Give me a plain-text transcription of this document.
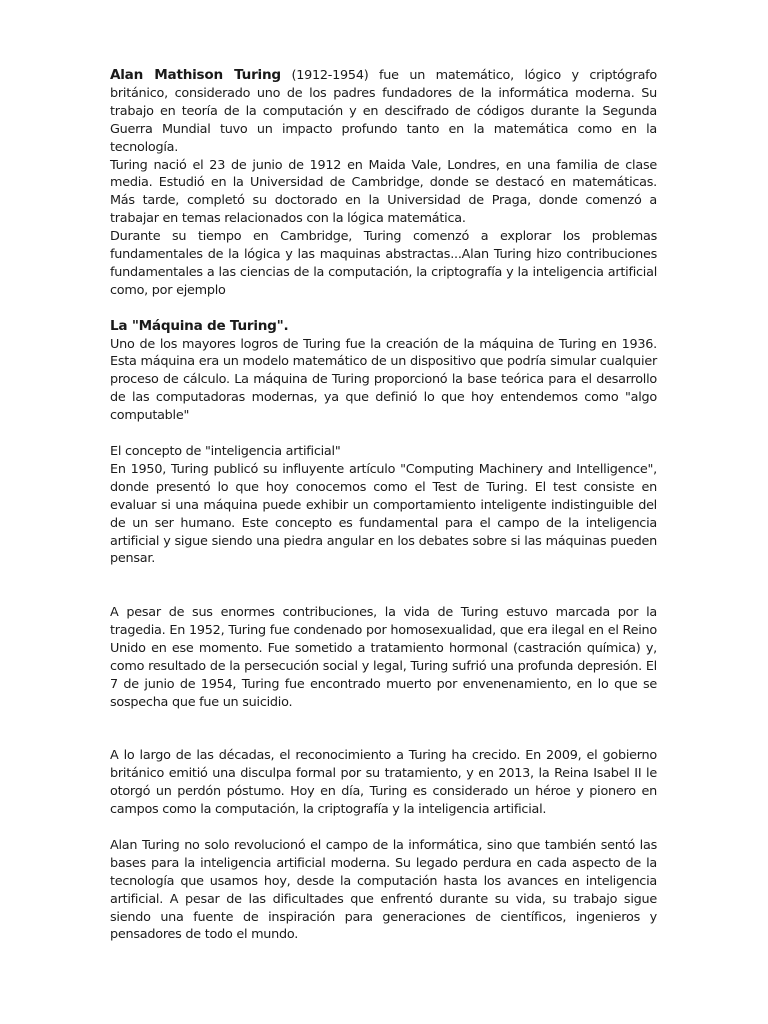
Alan Mathison Turing (1912-1954) fue un matemático, lógico y criptógrafo británico, considerado uno de los padres fundadores de la informática moderna. Su trabajo en teoría de la computación y en descifrado de códigos durante la Segunda Guerra Mundial tuvo un impacto profundo tanto en la matemática como en la tecnología.

Turing nació el 23 de junio de 1912 en Maida Vale, Londres, en una familia de clase media. Estudió en la Universidad de Cambridge, donde se destacó en matemáticas. Más tarde, completó su doctorado en la Universidad de Praga, donde comenzó a trabajar en temas relacionados con la lógica matemática.

Durante su tiempo en Cambridge, Turing comenzó a explorar los problemas fundamentales de la lógica y las maquinas abstractas...Alan Turing hizo contribuciones fundamentales a las ciencias de la computación, la criptografía y la inteligencia artificial como, por ejemplo

La "Máquina de Turing".

Uno de los mayores logros de Turing fue la creación de la máquina de Turing en 1936. Esta máquina era un modelo matemático de un dispositivo que podría simular cualquier proceso de cálculo. La máquina de Turing proporcionó la base teórica para el desarrollo de las computadoras modernas, ya que definió lo que hoy entendemos como "algo computable"

El concepto de "inteligencia artificial"

En 1950, Turing publicó su influyente artículo "Computing Machinery and Intelligence", donde presentó lo que hoy conocemos como el Test de Turing. El test consiste en evaluar si una máquina puede exhibir un comportamiento inteligente indistinguible del de un ser humano. Este concepto es fundamental para el campo de la inteligencia artificial y sigue siendo una piedra angular en los debates sobre si las máquinas pueden pensar.

A pesar de sus enormes contribuciones, la vida de Turing estuvo marcada por la tragedia. En 1952, Turing fue condenado por homosexualidad, que era ilegal en el Reino Unido en ese momento. Fue sometido a tratamiento hormonal (castración química) y, como resultado de la persecución social y legal, Turing sufrió una profunda depresión. El 7 de junio de 1954, Turing fue encontrado muerto por envenenamiento, en lo que se sospecha que fue un suicidio.

A lo largo de las décadas, el reconocimiento a Turing ha crecido. En 2009, el gobierno británico emitió una disculpa formal por su tratamiento, y en 2013, la Reina Isabel II le otorgó un perdón póstumo. Hoy en día, Turing es considerado un héroe y pionero en campos como la computación, la criptografía y la inteligencia artificial.

Alan Turing no solo revolucionó el campo de la informática, sino que también sentó las bases para la inteligencia artificial moderna. Su legado perdura en cada aspecto de la tecnología que usamos hoy, desde la computación hasta los avances en inteligencia artificial. A pesar de las dificultades que enfrentó durante su vida, su trabajo sigue siendo una fuente de inspiración para generaciones de científicos, ingenieros y pensadores de todo el mundo.
